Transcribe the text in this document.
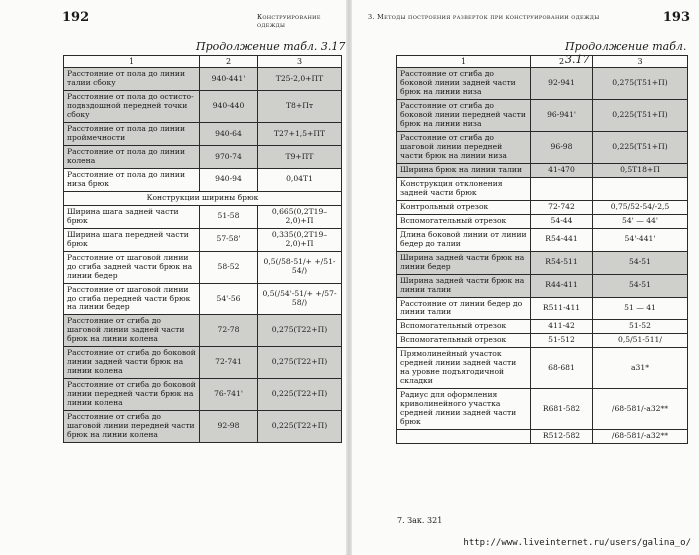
192	Конструирование одежды
Продолжение табл. 3.17
1	2	3
Расстояние от пола до линии талии сбоку	940-441'	Т25-2,0+ПТ
Расстояние от пола до остисто-подвздошной передней точки сбоку	940-440	Т8+Пт
Расстояние от пола до линии проймечности	940-64	Т27+1,5+ПТ
Расстояние от пола до линии колена	970-74	Т9+ПТ
Расстояние от пола до линии низа брюк	940-94	0,04Т1
Конструкции ширины брюк		
Ширина шага задней части брюк	51-58	0,665(0,2Т19–2,0)+П
Ширина шага передней части брюк	57-58'	0,335(0,2Т19–2,0)+П
Расстояние от шаговой линии до сгиба задней части брюк на линии бедер	58-52	0,5(/58-51/+ +/51-54/)
Расстояние от шаговой линии до сгиба передней части брюк на линии бедер	54'-56	0,5(/54'-51/+ +/57-58/)
Расстояние от сгиба до шаговой линии задней части брюк на линии колена	72-78	0,275(Т22+П)
Расстояние от сгиба до боковой линии задней части брюк на линии колена	72-741	0,275(Т22+П)
Расстояние от сгиба до боковой линии передней части брюк на линии колена	76-741'	0,225(Т22+П)
Расстояние от сгиба до шаговой линии передней части брюк на линии колена	92-98	0,225(Т22+П)
3. Методы построения разверток при конструировании одежды	193
Продолжение табл. 3.17
1	2	3
Расстояние от сгиба до боковой линии задней части брюк на линии низа	92-941	0,275(Т51+П)
Расстояние от сгиба до боковой линии передней части брюк на линии низа	96-941'	0,225(Т51+П)
Расстояние от сгиба до шаговой линии передней части брюк на линии низа	96-98	0,225(Т51+П)
Ширина брюк на линии талии	41-470	0,5Т18+П
Конструкция отклонения задней части брюк		
Контрольный отрезок	72-742	0,75/52-54/-2,5
Вспомогательный отрезок	54-44	54' — 44'
Длина боковой линии от линии бедер до талии	R54-441	54'-441'
Ширина задней части брюк на линии бедер	R54-511	54-51
Ширина задней части брюк на линии талии	R44-411	54-51
Расстояние от линии бедер до линии талии	R511-411	51 — 41
Вспомогательный отрезок	411-42	51-52
Вспомогательный отрезок	51-512	0,5/51-511/
Прямолинейный участок средней линии задней части на уровне подъягодичной складки	68-681	а31*
Радиус для оформления криволинейного участка средней линии задней части брюк	R681-582	/68-581/-а32**
	R512-582	/68-581/-а32**
7. Зак. 321
http://www.liveinternet.ru/users/galina_o/
